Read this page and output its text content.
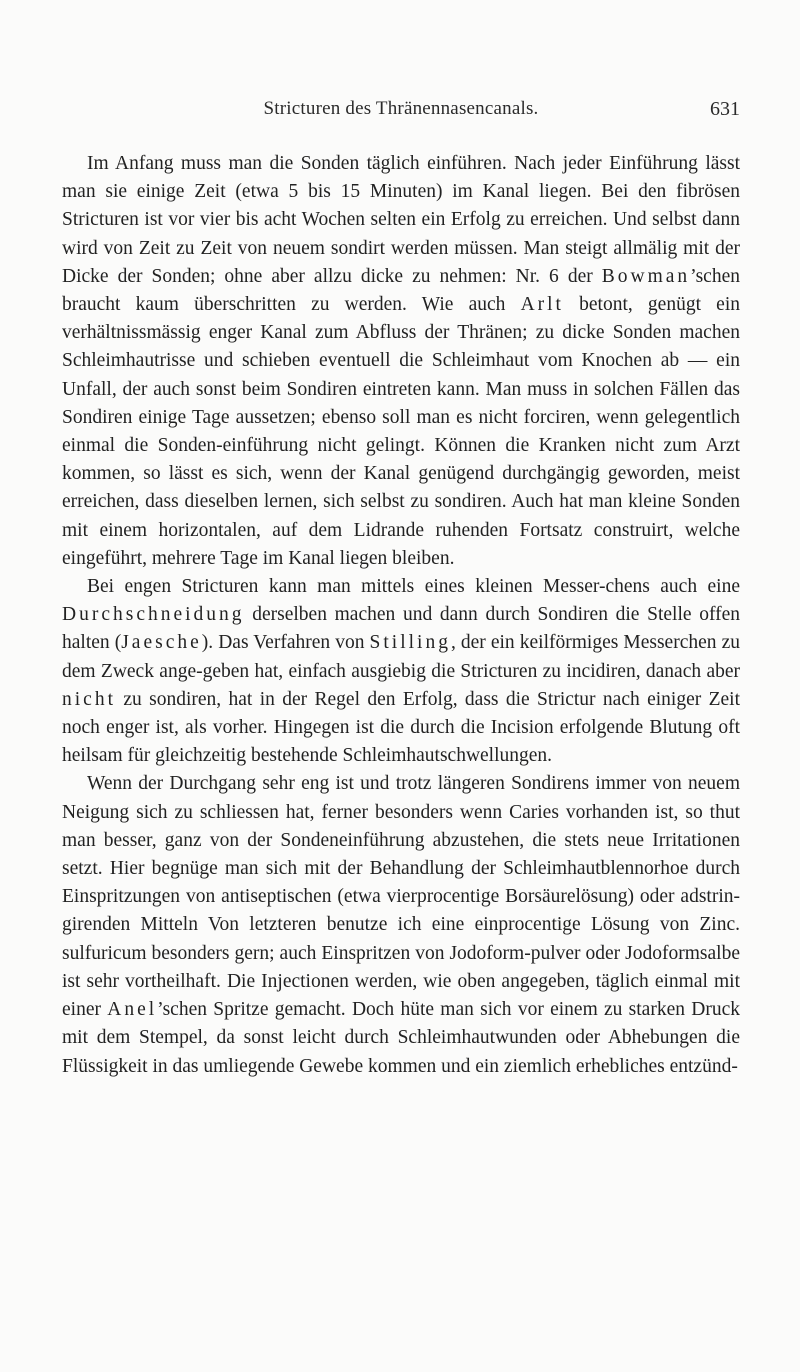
Stricturen des Thränennasencanals.	631

Im Anfang muss man die Sonden täglich einführen. Nach jeder Einführung lässt man sie einige Zeit (etwa 5 bis 15 Minuten) im Kanal liegen. Bei den fibrösen Stricturen ist vor vier bis acht Wochen selten ein Erfolg zu erreichen. Und selbst dann wird von Zeit zu Zeit von neuem sondirt werden müssen. Man steigt allmälig mit der Dicke der Sonden; ohne aber allzu dicke zu nehmen: Nr. 6 der Bowman’schen braucht kaum überschritten zu werden. Wie auch Arlt betont, genügt ein verhältnissmässig enger Kanal zum Abfluss der Thränen; zu dicke Sonden machen Schleimhautrisse und schieben eventuell die Schleimhaut vom Knochen ab — ein Unfall, der auch sonst beim Sondiren eintreten kann. Man muss in solchen Fällen das Sondiren einige Tage aussetzen; ebenso soll man es nicht forciren, wenn gelegentlich einmal die Sonden-einführung nicht gelingt. Können die Kranken nicht zum Arzt kommen, so lässt es sich, wenn der Kanal genügend durchgängig geworden, meist erreichen, dass dieselben lernen, sich selbst zu sondiren. Auch hat man kleine Sonden mit einem horizontalen, auf dem Lidrande ruhenden Fortsatz construirt, welche eingeführt, mehrere Tage im Kanal liegen bleiben.

Bei engen Stricturen kann man mittels eines kleinen Messer-chens auch eine Durchschneidung derselben machen und dann durch Sondiren die Stelle offen halten (Jaesche). Das Verfahren von Stilling, der ein keilförmiges Messerchen zu dem Zweck ange-geben hat, einfach ausgiebig die Stricturen zu incidiren, danach aber nicht zu sondiren, hat in der Regel den Erfolg, dass die Strictur nach einiger Zeit noch enger ist, als vorher. Hingegen ist die durch die Incision erfolgende Blutung oft heilsam für gleichzeitig bestehende Schleimhautschwellungen.

Wenn der Durchgang sehr eng ist und trotz längeren Sondirens immer von neuem Neigung sich zu schliessen hat, ferner besonders wenn Caries vorhanden ist, so thut man besser, ganz von der Sondeneinführung abzustehen, die stets neue Irritationen setzt. Hier begnüge man sich mit der Behandlung der Schleimhautblennorhoe durch Einspritzungen von antiseptischen (etwa vierprocentige Borsäurelösung) oder adstrin-girenden Mitteln Von letzteren benutze ich eine einprocentige Lösung von Zinc. sulfuricum besonders gern; auch Einspritzen von Jodoform-pulver oder Jodoformsalbe ist sehr vortheilhaft. Die Injectionen werden, wie oben angegeben, täglich einmal mit einer Anel’schen Spritze gemacht. Doch hüte man sich vor einem zu starken Druck mit dem Stempel, da sonst leicht durch Schleimhautwunden oder Abhebungen die Flüssigkeit in das umliegende Gewebe kommen und ein ziemlich erhebliches entzünd-
